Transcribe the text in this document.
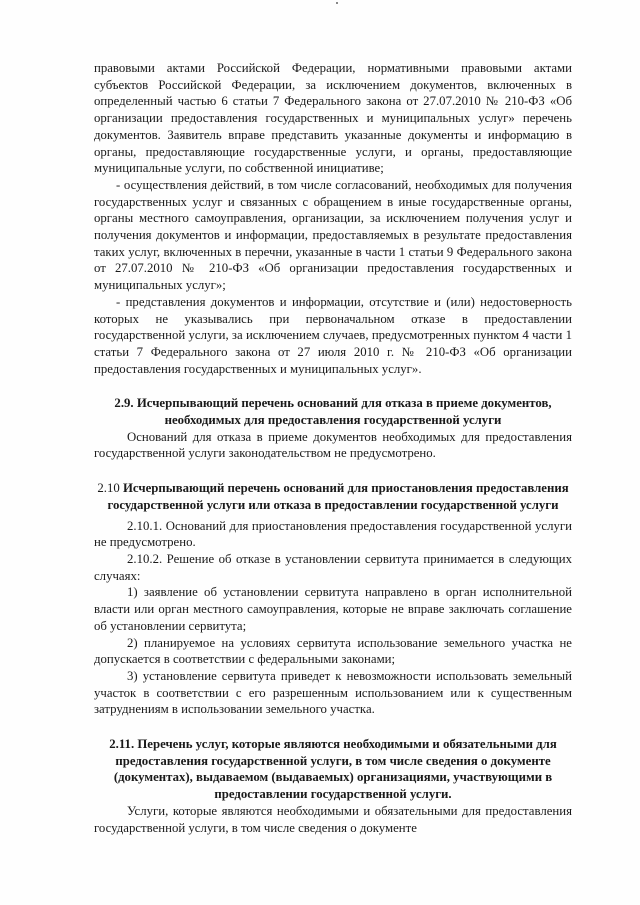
правовыми актами Российской Федерации, нормативными правовыми актами субъектов Российской Федерации, за исключением документов, включенных в определенный частью 6 статьи 7 Федерального закона от 27.07.2010 № 210-ФЗ «Об организации предоставления государственных и муниципальных услуг» перечень документов. Заявитель вправе представить указанные документы и информацию в органы, предоставляющие государственные услуги, и органы, предоставляющие муниципальные услуги, по собственной инициативе;

- осуществления действий, в том числе согласований, необходимых для получения государственных услуг и связанных с обращением в иные государственные органы, органы местного самоуправления, организации, за исключением получения услуг и получения документов и информации, предоставляемых в результате предоставления таких услуг, включенных в перечни, указанные в части 1 статьи 9 Федерального закона от 27.07.2010 № 210-ФЗ «Об организации предоставления государственных и муниципальных услуг»;

- представления документов и информации, отсутствие и (или) недостоверность которых не указывались при первоначальном отказе в предоставлении государственной услуги, за исключением случаев, предусмотренных пунктом 4 части 1 статьи 7 Федерального закона от 27 июля 2010 г. № 210-ФЗ «Об организации предоставления государственных и муниципальных услуг».

2.9. Исчерпывающий перечень оснований для отказа в приеме документов, необходимых для предоставления государственной услуги

Оснований для отказа в приеме документов необходимых для предоставления государственной услуги законодательством не предусмотрено.

2.10 Исчерпывающий перечень оснований для приостановления предоставления государственной услуги или отказа в предоставлении государственной услуги

2.10.1. Оснований для приостановления предоставления государственной услуги не предусмотрено.

2.10.2. Решение об отказе в установлении сервитута принимается в следующих случаях:

1) заявление об установлении сервитута направлено в орган исполнительной власти или орган местного самоуправления, которые не вправе заключать соглашение об установлении сервитута;

2) планируемое на условиях сервитута использование земельного участка не допускается в соответствии с федеральными законами;

3) установление сервитута приведет к невозможности использовать земельный участок в соответствии с его разрешенным использованием или к существенным затруднениям в использовании земельного участка.

2.11. Перечень услуг, которые являются необходимыми и обязательными для предоставления государственной услуги, в том числе сведения о документе (документах), выдаваемом (выдаваемых) организациями, участвующими в предоставлении государственной услуги.

Услуги, которые являются необходимыми и обязательными для предоставления государственной услуги, в том числе сведения о документе
